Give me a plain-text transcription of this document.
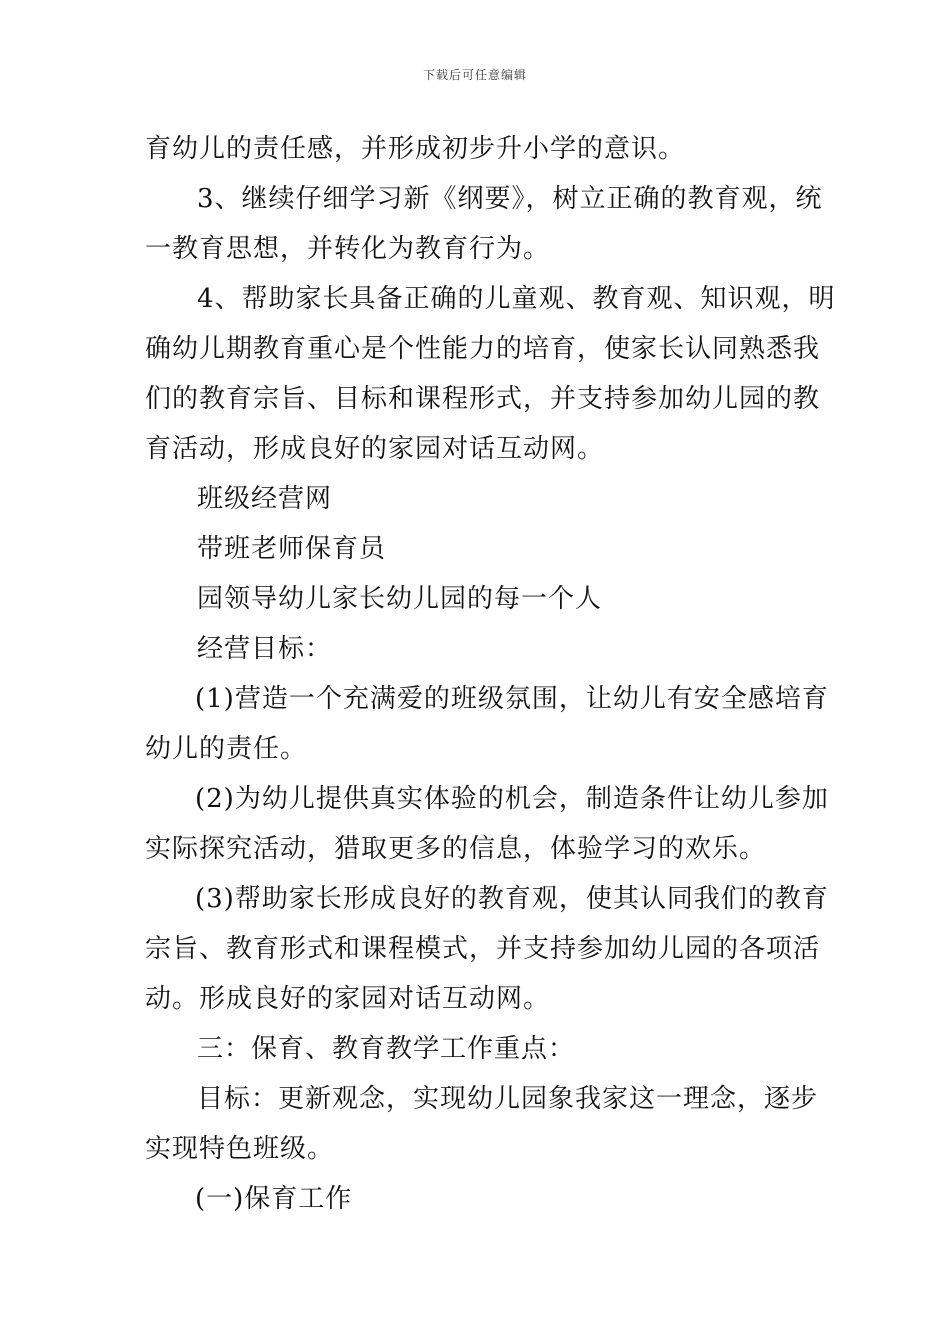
下载后可任意编辑
育幼儿的责任感，并形成初步升小学的意识。
3、继续仔细学习新《纲要》，树立正确的教育观，统
一教育思想，并转化为教育行为。
4、帮助家长具备正确的儿童观、教育观、知识观，明
确幼儿期教育重心是个性能力的培育，使家长认同熟悉我
们的教育宗旨、目标和课程形式，并支持参加幼儿园的教
育活动，形成良好的家园对话互动网。
班级经营网
带班老师保育员
园领导幼儿家长幼儿园的每一个人
经营目标：
(1)营造一个充满爱的班级氛围，让幼儿有安全感培育
幼儿的责任。
(2)为幼儿提供真实体验的机会，制造条件让幼儿参加
实际探究活动，猎取更多的信息，体验学习的欢乐。
(3)帮助家长形成良好的教育观，使其认同我们的教育
宗旨、教育形式和课程模式，并支持参加幼儿园的各项活
动。形成良好的家园对话互动网。
三：保育、教育教学工作重点：
目标：更新观念，实现幼儿园象我家这一理念，逐步
实现特色班级。
(一)保育工作
